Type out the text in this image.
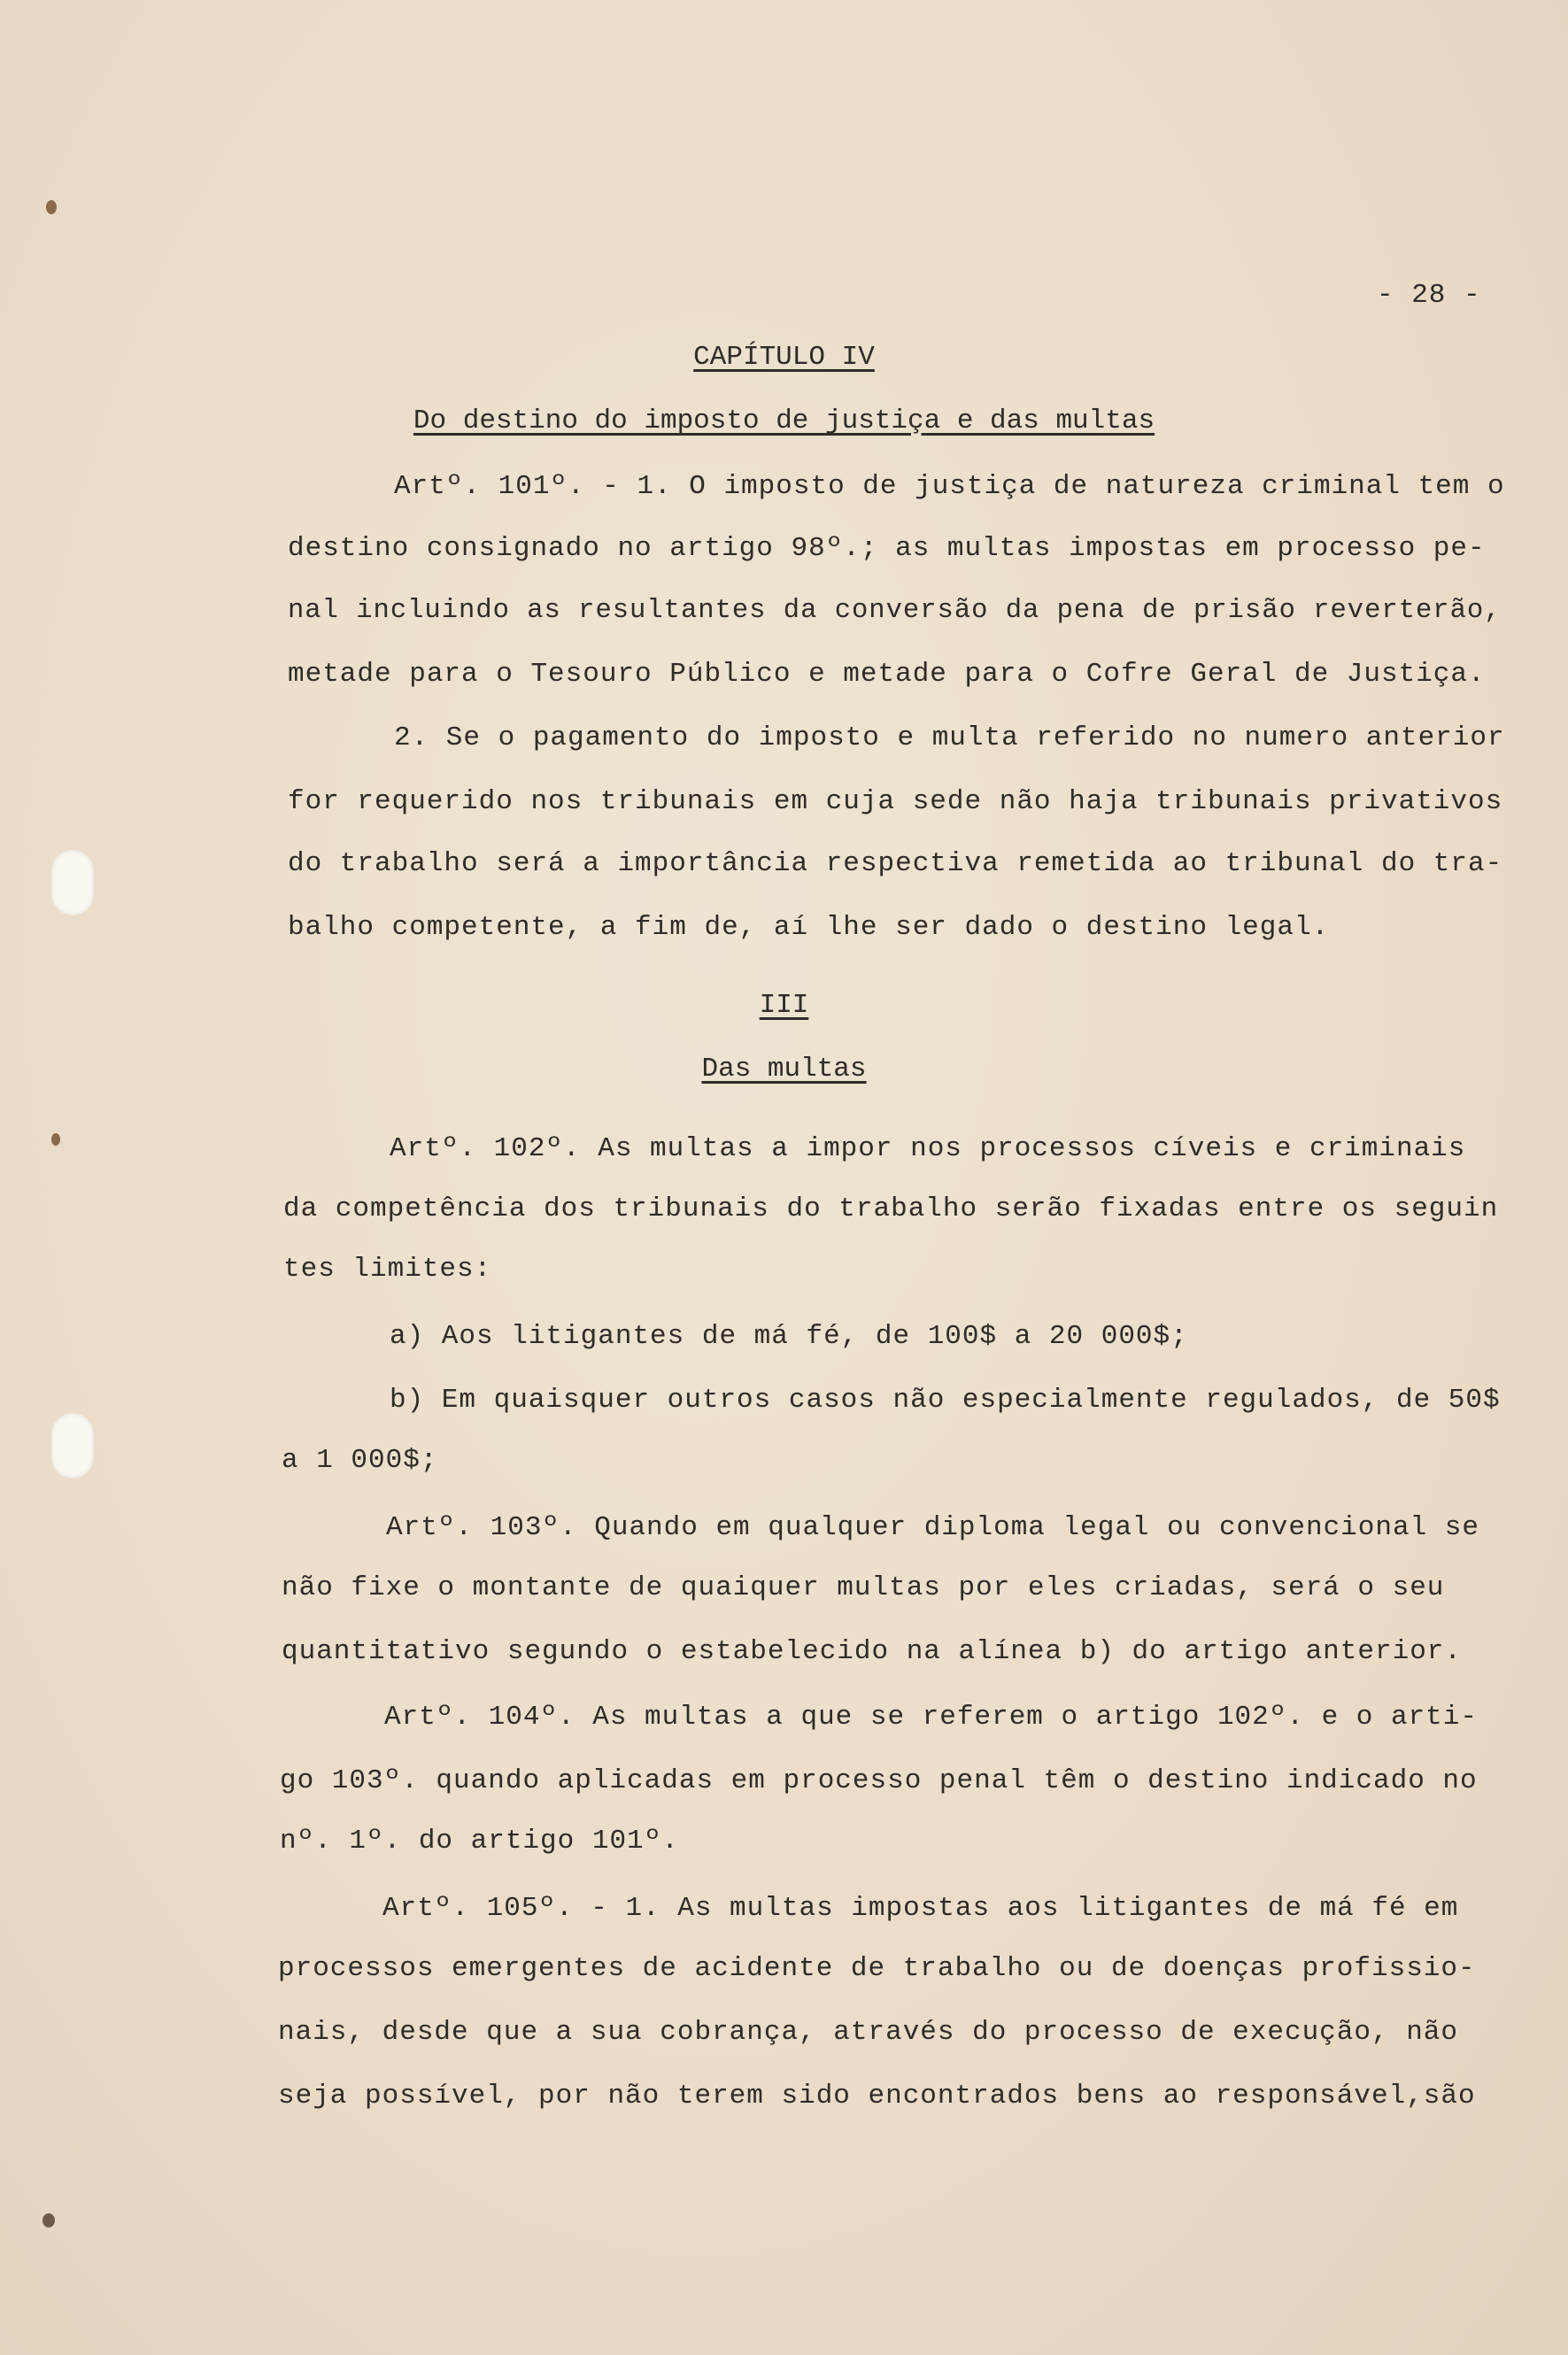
- 28 -
CAPÍTULO IV
Do destino do imposto de justiça e das multas

Artº. 101º. - 1. O imposto de justiça de natureza criminal tem o

destino consignado no artigo 98º.; as multas impostas em processo pe-

nal incluindo as resultantes da conversão da pena de prisão reverterão,

metade para o Tesouro Público e metade para o Cofre Geral de Justiça.

2. Se o pagamento do imposto e multa referido no numero anterior

for requerido nos tribunais em cuja sede não haja tribunais privativos

do trabalho será a importância respectiva remetida ao tribunal do tra-

balho competente, a fim de, aí lhe ser dado o destino legal.

III
Das multas

Artº. 102º. As multas a impor nos processos cíveis e criminais

da competência dos tribunais do trabalho serão fixadas entre os seguin

tes limites:

a) Aos litigantes de má fé, de 100$ a 20 000$;

b) Em quaisquer outros casos não especialmente regulados, de 50$

a 1 000$;

Artº. 103º. Quando em qualquer diploma legal ou convencional se

não fixe o montante de quaiquer multas por eles criadas, será o seu

quantitativo segundo o estabelecido na alínea b) do artigo anterior.

Artº. 104º. As multas a que se referem o artigo 102º. e o arti-

go 103º. quando aplicadas em processo penal têm o destino indicado no

nº. 1º. do artigo 101º.

Artº. 105º. - 1. As multas impostas aos litigantes de má fé em

processos emergentes de acidente de trabalho ou de doenças profissio-

nais, desde que a sua cobrança, através do processo de execução, não

seja possível, por não terem sido encontrados bens ao responsável,são
